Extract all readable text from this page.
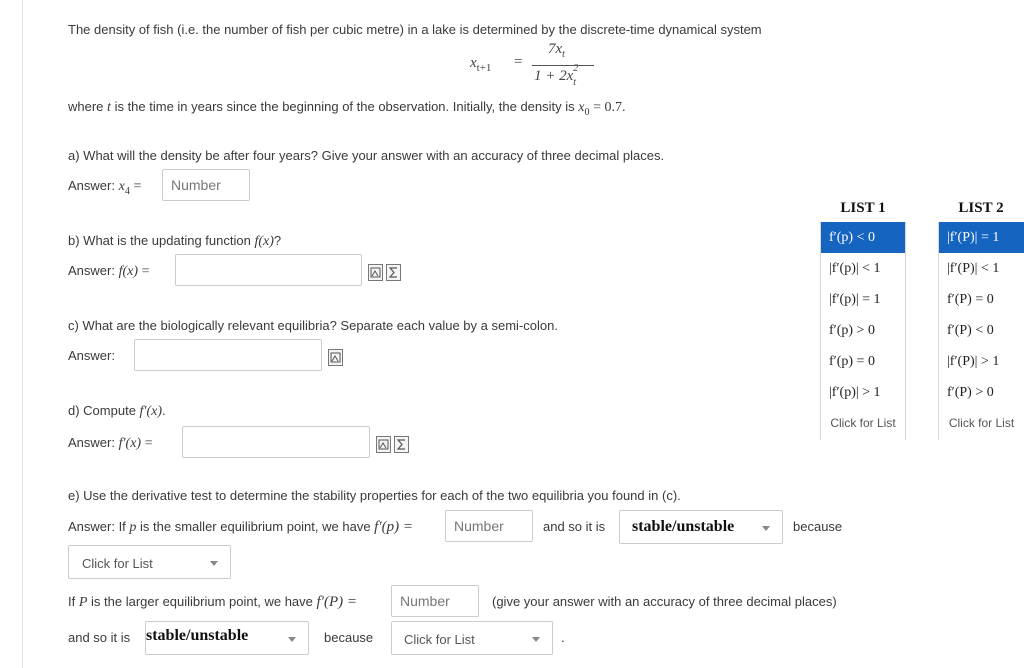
The density of fish (i.e. the number of fish per cubic metre) in a lake is determined by the discrete-time dynamical system
$x_{t+1}$ =
$7x_t$
1 + 2x 2
t
where t is the time in years since the beginning of the observation. Initially, the density is $x_0 = 0.7$.
a) What will the density be after four years? Give your answer with an accuracy of three decimal places.
Answer: $x_4$ =	Number
b) What is the updating function f(x)?
Answer: f(x) =
c) What are the biologically relevant equilibria? Separate each value by a semi-colon.
Answer:
d) Compute f′(x).
Answer: f′(x) =
e) Use the derivative test to determine the stability properties for each of the two equilibria you found in (c).
Answer: If p is the smaller equilibrium point, we have f′(p) =	Number	and so it is stable/unstable	because
Click for List
If P is the larger equilibrium point, we have f′(P) =	Number	(give your answer with an accuracy of three decimal places)
and so it is stable/unstable	because Click for List	.
LIST 1
f′(p) < 0
|f′(p)| < 1
|f′(p)| = 1
f′(p) > 0
f′(p) = 0
|f′(p)| > 1
Click for List
LIST 2
|f′(P)| = 1
|f′(P)| < 1
f′(P) = 0
f′(P) < 0
|f′(P)| > 1
f′(P) > 0
Click for List
